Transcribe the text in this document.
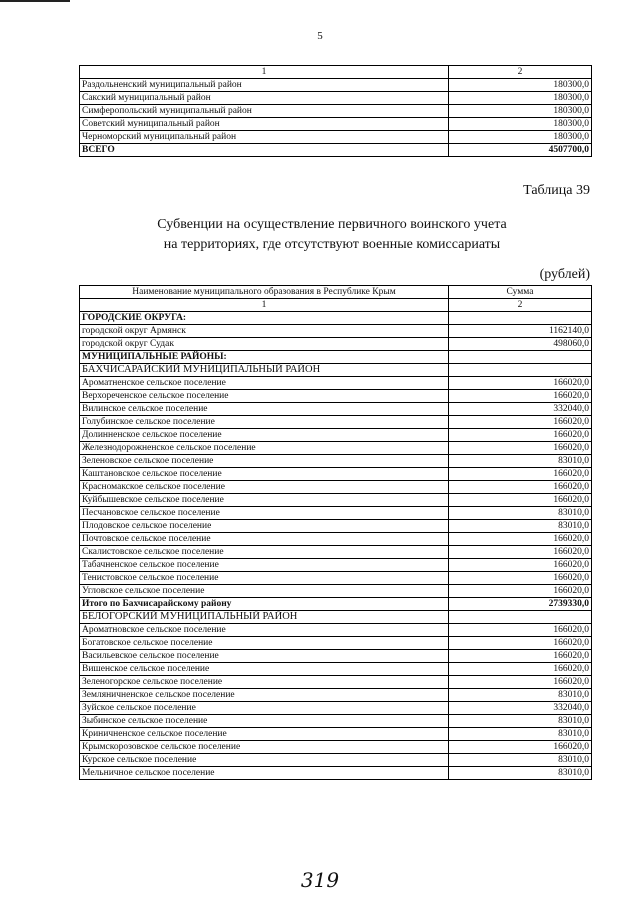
5
1	2
Раздольненский муниципальный район	180300,0
Сакский муниципальный район	180300,0
Симферопольский муниципальный район	180300,0
Советский муниципальный район	180300,0
Черноморский муниципальный район	180300,0
ВСЕГО	4507700,0
Таблица 39
Субвенции на осуществление первичного воинского учета
на территориях, где отсутствуют военные комиссариаты
(рублей)
Наименование муниципального образования в Республике Крым	Сумма
1	2
ГОРОДСКИЕ ОКРУГА:	
городской округ Армянск	1162140,0
городской округ Судак	498060,0
МУНИЦИПАЛЬНЫЕ РАЙОНЫ:	
БАХЧИСАРАЙСКИЙ МУНИЦИПАЛЬНЫЙ РАЙОН	
Ароматненское сельское поселение	166020,0
Верхореченское сельское поселение	166020,0
Вилинское сельское поселение	332040,0
Голубинское сельское поселение	166020,0
Долинненское сельское поселение	166020,0
Железнодорожненское сельское поселение	166020,0
Зеленовское сельское поселение	83010,0
Каштановское сельское поселение	166020,0
Красномакское сельское поселение	166020,0
Куйбышевское сельское поселение	166020,0
Песчановское сельское поселение	83010,0
Плодовское сельское поселение	83010,0
Почтовское сельское поселение	166020,0
Скалистовское сельское поселение	166020,0
Табачненское сельское поселение	166020,0
Тенистовское сельское поселение	166020,0
Угловское сельское поселение	166020,0
Итого по Бахчисарайскому району	2739330,0
БЕЛОГОРСКИЙ МУНИЦИПАЛЬНЫЙ РАЙОН	
Ароматновское сельское поселение	166020,0
Богатовское сельское поселение	166020,0
Васильевское сельское поселение	166020,0
Вишенское сельское поселение	166020,0
Зеленогорское сельское поселение	166020,0
Земляничненское сельское поселение	83010,0
Зуйское сельское поселение	332040,0
Зыбинское сельское поселение	83010,0
Криничненское сельское поселение	83010,0
Крымскорозовское сельское поселение	166020,0
Курское сельское поселение	83010,0
Мельничное сельское поселение	83010,0
319
